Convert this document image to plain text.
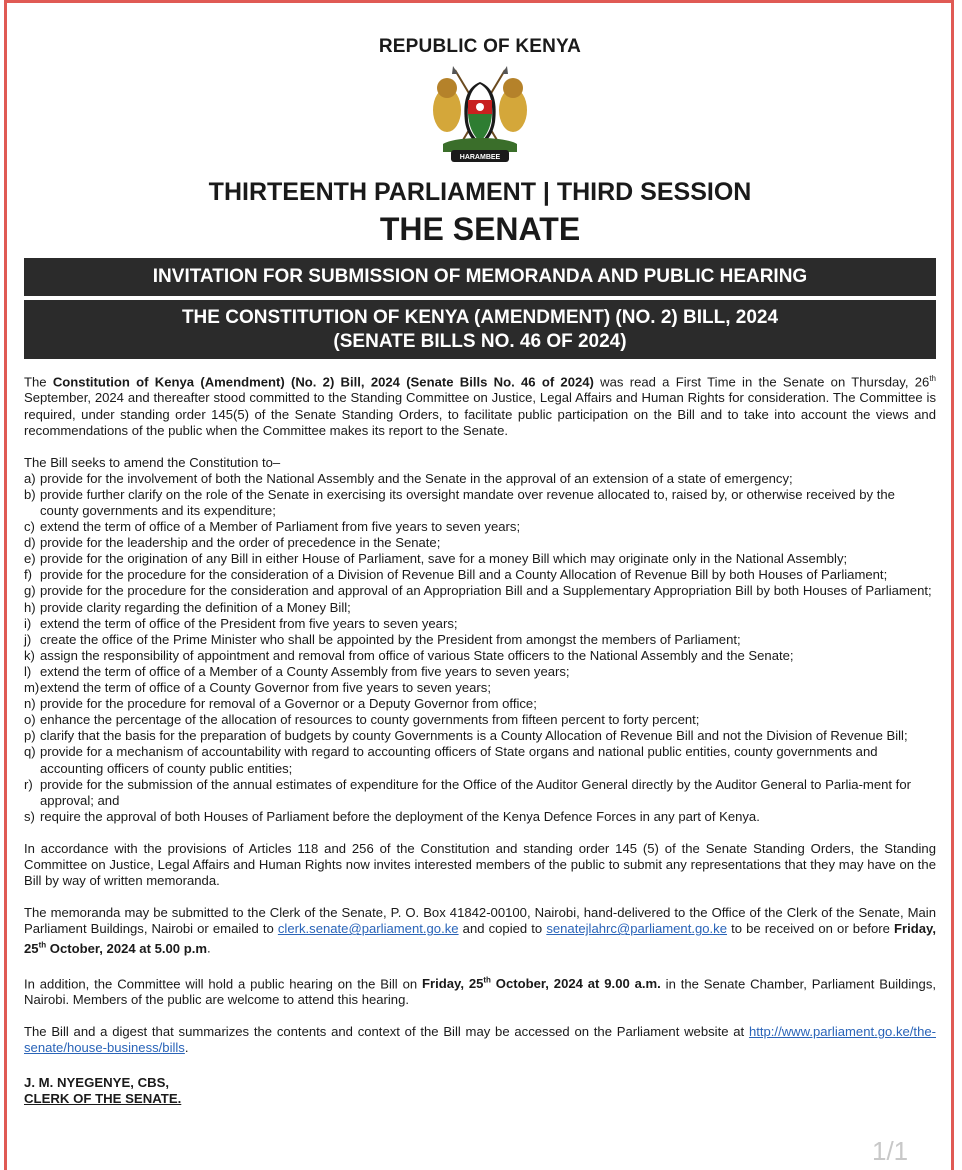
REPUBLIC OF KENYA
HARAMBEE
THIRTEENTH PARLIAMENT | THIRD SESSION
THE SENATE
INVITATION FOR SUBMISSION OF MEMORANDA AND PUBLIC HEARING
THE CONSTITUTION OF KENYA (AMENDMENT) (NO. 2) BILL, 2024
(SENATE BILLS NO. 46 OF 2024)

The Constitution of Kenya (Amendment) (No. 2) Bill, 2024 (Senate Bills No. 46 of 2024) was read a First Time in the Senate on Thursday, 26th September, 2024 and thereafter stood committed to the Standing Committee on Justice, Legal Affairs and Human Rights for consideration. The Committee is required, under standing order 145(5) of the Senate Standing Orders, to facilitate public participation on the Bill and to take into account the views and recommendations of the public when the Committee makes its report to the Senate.

The Bill seeks to amend the Constitution to–

a) provide for the involvement of both the National Assembly and the Senate in the approval of an extension of a state of emergency;
b) provide further clarify on the role of the Senate in exercising its oversight mandate over revenue allocated to, raised by, or otherwise received by the county governments and its expenditure;
c) extend the term of office of a Member of Parliament from five years to seven years;
d) provide for the leadership and the order of precedence in the Senate;
e) provide for the origination of any Bill in either House of Parliament, save for a money Bill which may originate only in the National Assembly;
f) provide for the procedure for the consideration of a Division of Revenue Bill and a County Allocation of Revenue Bill by both Houses of Parliament;
g) provide for the procedure for the consideration and approval of an Appropriation Bill and a Supplementary Appropriation Bill by both Houses of Parliament;
h) provide clarity regarding the definition of a Money Bill;
i) extend the term of office of the President from five years to seven years;
j) create the office of the Prime Minister who shall be appointed by the President from amongst the members of Parliament;
k) assign the responsibility of appointment and removal from office of various State officers to the National Assembly and the Senate;
l) extend the term of office of a Member of a County Assembly from five years to seven years;
m) extend the term of office of a County Governor from five years to seven years;
n) provide for the procedure for removal of a Governor or a Deputy Governor from office;
o) enhance the percentage of the allocation of resources to county governments from fifteen percent to forty percent;
p) clarify that the basis for the preparation of budgets by county Governments is a County Allocation of Revenue Bill and not the Division of Revenue Bill;
q) provide for a mechanism of accountability with regard to accounting officers of State organs and national public entities, county governments and accounting officers of county public entities;
r) provide for the submission of the annual estimates of expenditure for the Office of the Auditor General directly by the Auditor General to Parlia-ment for approval; and
s) require the approval of both Houses of Parliament before the deployment of the Kenya Defence Forces in any part of Kenya.

In accordance with the provisions of Articles 118 and 256 of the Constitution and standing order 145 (5) of the Senate Standing Orders, the Standing Committee on Justice, Legal Affairs and Human Rights now invites interested members of the public to submit any representations that they may have on the Bill by way of written memoranda.

The memoranda may be submitted to the Clerk of the Senate, P. O. Box 41842-00100, Nairobi, hand-delivered to the Office of the Clerk of the Senate, Main Parliament Buildings, Nairobi or emailed to clerk.senate@parliament.go.ke and copied to senatejlahrc@parliament.go.ke to be received on or before Friday, 25th October, 2024 at 5.00 p.m.

In addition, the Committee will hold a public hearing on the Bill on Friday, 25th October, 2024 at 9.00 a.m. in the Senate Chamber, Parliament Buildings, Nairobi. Members of the public are welcome to attend this hearing.

The Bill and a digest that summarizes the contents and context of the Bill may be accessed on the Parliament website at http://www.parliament.go.ke/the-senate/house-business/bills.

J. M. NYEGENYE, CBS,
CLERK OF THE SENATE.
1/1
